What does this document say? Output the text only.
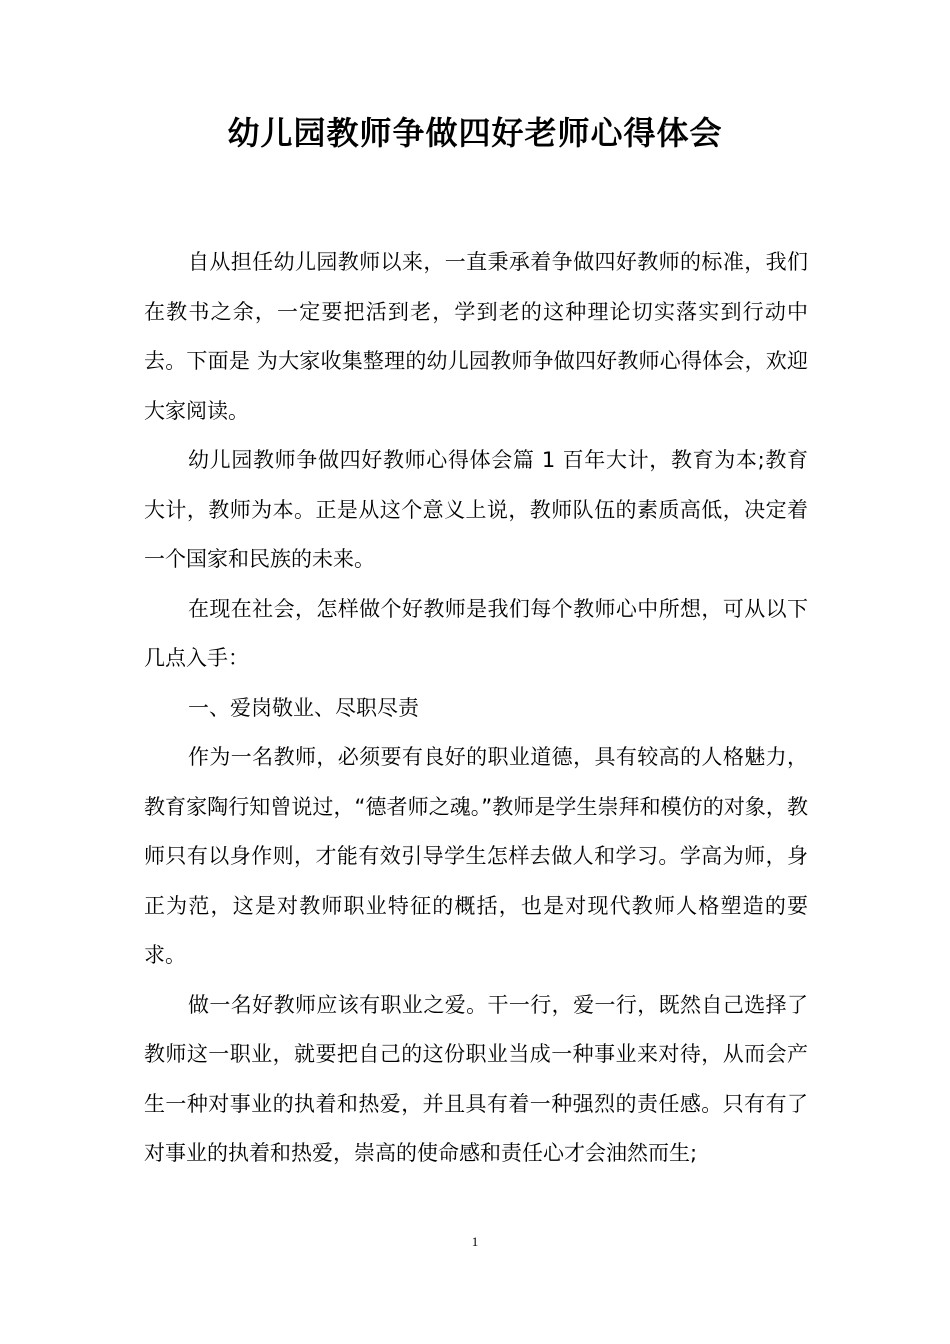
幼儿园教师争做四好老师心得体会

自从担任幼儿园教师以来，一直秉承着争做四好教师的标准，我们在教书之余，一定要把活到老，学到老的这种理论切实落实到行动中去。下面是 为大家收集整理的幼儿园教师争做四好教师心得体会，欢迎大家阅读。

幼儿园教师争做四好教师心得体会篇 1 百年大计，教育为本;教育大计，教师为本。正是从这个意义上说，教师队伍的素质高低，决定着一个国家和民族的未来。

在现在社会，怎样做个好教师是我们每个教师心中所想，可从以下几点入手：

一、爱岗敬业、尽职尽责

作为一名教师，必须要有良好的职业道德，具有较高的人格魅力，教育家陶行知曾说过，“德者师之魂。”教师是学生崇拜和模仿的对象，教师只有以身作则，才能有效引导学生怎样去做人和学习。学高为师，身正为范，这是对教师职业特征的概括，也是对现代教师人格塑造的要求。

做一名好教师应该有职业之爱。干一行，爱一行，既然自己选择了教师这一职业，就要把自己的这份职业当成一种事业来对待，从而会产生一种对事业的执着和热爱，并且具有着一种强烈的责任感。只有有了对事业的执着和热爱，崇高的使命感和责任心才会油然而生;

1
